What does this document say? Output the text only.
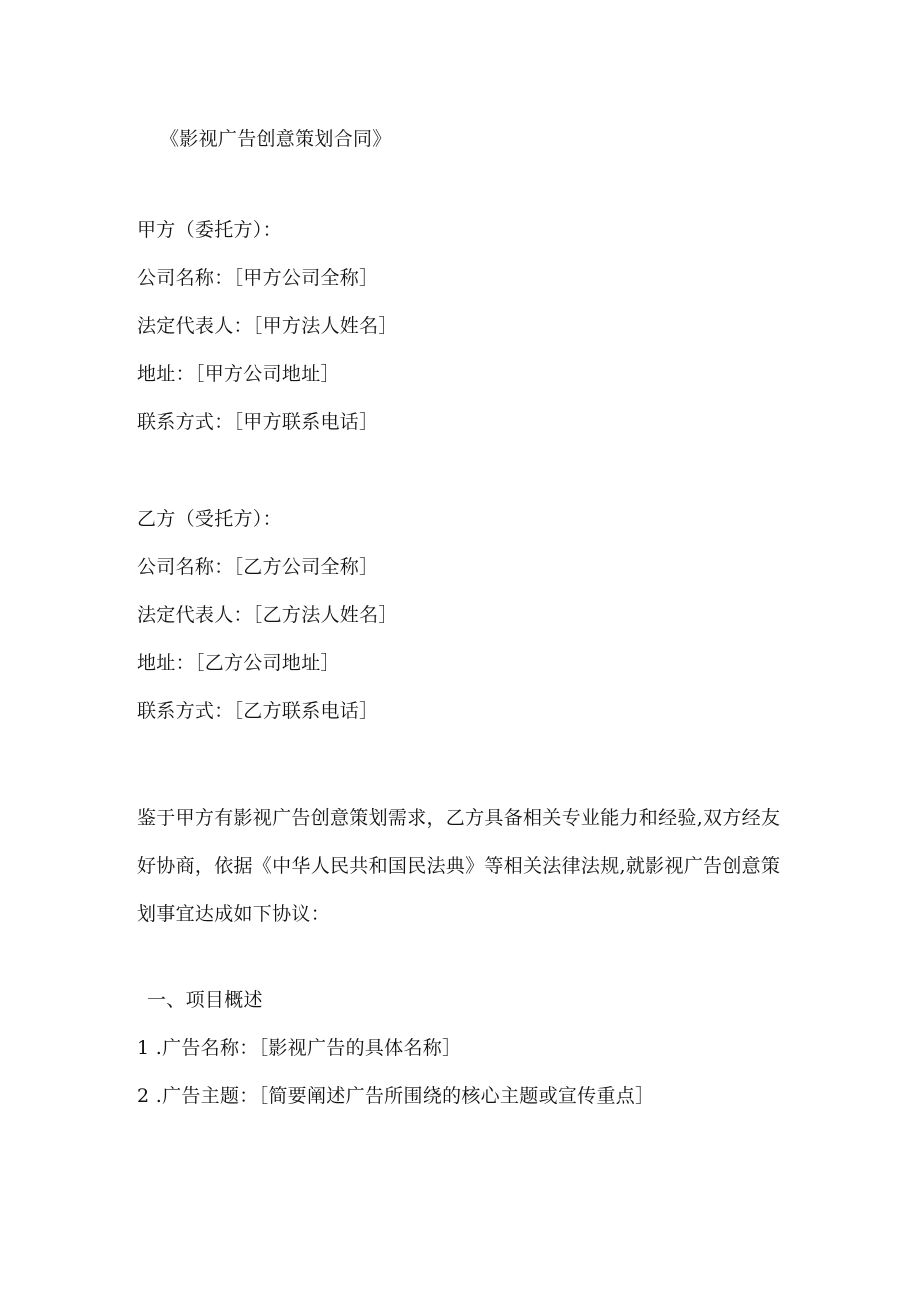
《影视广告创意策划合同》
甲方（委托方）：
公司名称：［甲方公司全称］
法定代表人：［甲方法人姓名］
地址：［甲方公司地址］
联系方式：［甲方联系电话］
乙方（受托方）：
公司名称：［乙方公司全称］
法定代表人：［乙方法人姓名］
地址：［乙方公司地址］
联系方式：［乙方联系电话］
鉴于甲方有影视广告创意策划需求，乙方具备相关专业能力和经验,双方经友好协商，依据《中华人民共和国民法典》等相关法律法规,就影视广告创意策划事宜达成如下协议：
一、项目概述
1 .广告名称：［影视广告的具体名称］
2 .广告主题：［简要阐述广告所围绕的核心主题或宣传重点］
